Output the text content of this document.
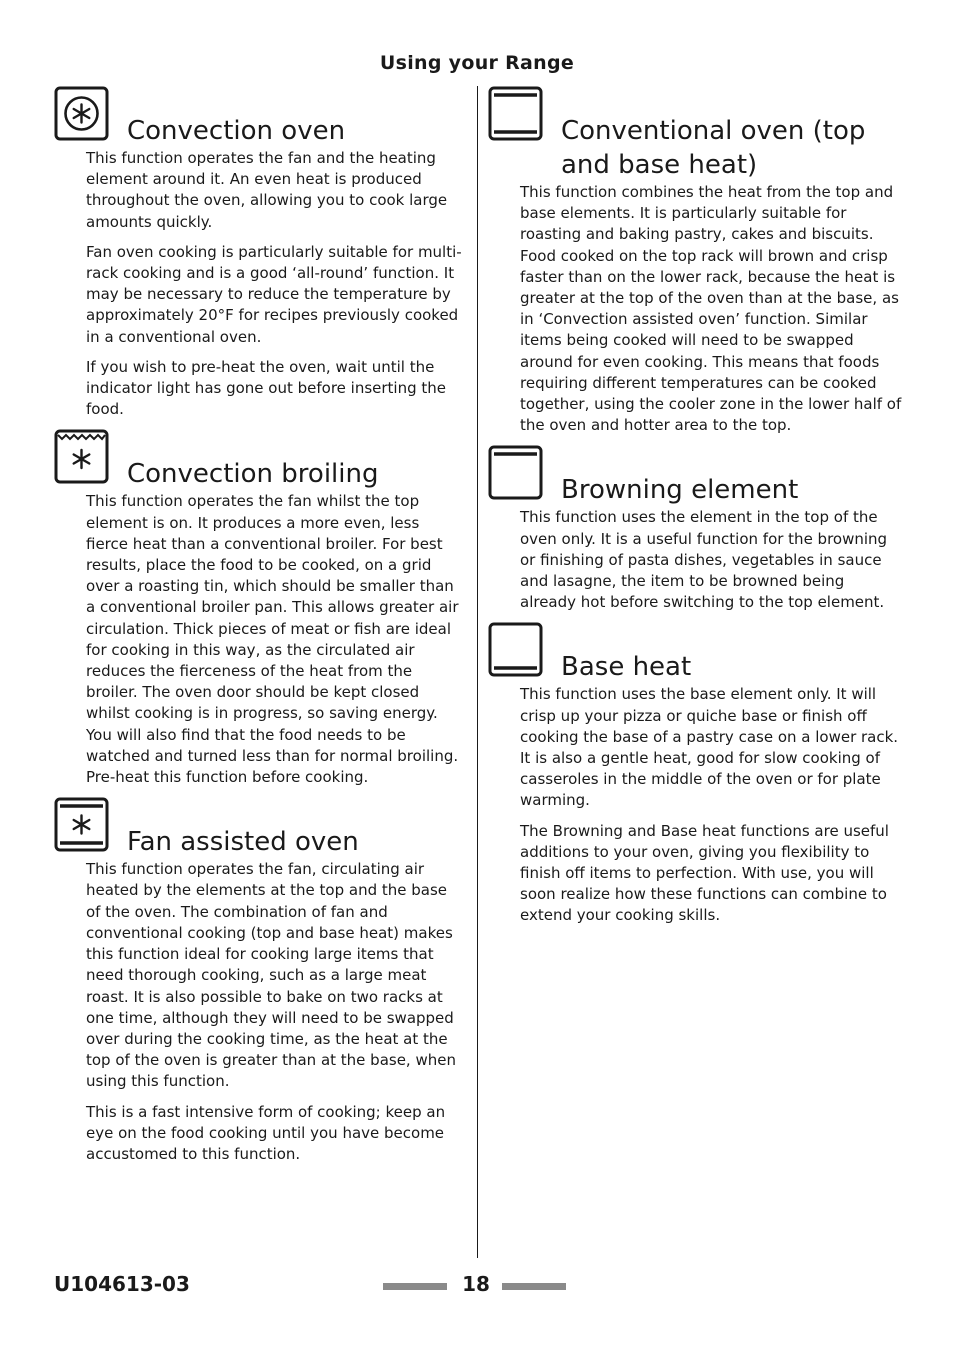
Using your Range
Convection oven

This function operates the fan and the heating element around it. An even heat is produced throughout the oven, allowing you to cook large amounts quickly.

Fan oven cooking is particularly suitable for multi-rack cooking and is a good ‘all-round’ function. It may be necessary to reduce the temperature by approximately 20°F for recipes previously cooked in a conventional oven.

If you wish to pre-heat the oven, wait until the indicator light has gone out before inserting the food.

Convection broiling

This function operates the fan whilst the top element is on. It produces a more even, less fierce heat than a conventional broiler. For best results, place the food to be cooked, on a grid over a roasting tin, which should be smaller than a conventional broiler pan. This allows greater air circulation. Thick pieces of meat or fish are ideal for cooking in this way, as the circulated air reduces the fierceness of the heat from the broiler. The oven door should be kept closed whilst cooking is in progress, so saving energy. You will also find that the food needs to be watched and turned less than for normal broiling. Pre-heat this function before cooking.

Fan assisted oven

This function operates the fan, circulating air heated by the elements at the top and the base of the oven. The combination of fan and conventional cooking (top and base heat) makes this function ideal for cooking large items that need thorough cooking, such as a large meat roast. It is also possible to bake on two racks at one time, although they will need to be swapped over during the cooking time, as the heat at the top of the oven is greater than at the base, when using this function.

This is a fast intensive form of cooking; keep an eye on the food cooking until you have become accustomed to this function.

Conventional oven (top and base heat)

This function combines the heat from the top and base elements. It is particularly suitable for roasting and baking pastry, cakes and biscuits. Food cooked on the top rack will brown and crisp faster than on the lower rack, because the heat is greater at the top of the oven than at the base, as in ‘Convection assisted oven’ function. Similar items being cooked will need to be swapped around for even cooking. This means that foods requiring different temperatures can be cooked together, using the cooler zone in the lower half of the oven and hotter area to the top.

Browning element

This function uses the element in the top of the oven only. It is a useful function for the browning or finishing of pasta dishes, vegetables in sauce and lasagne, the item to be browned being already hot before switching to the top element.

Base heat

This function uses the base element only. It will crisp up your pizza or quiche base or finish off cooking the base of a pastry case on a lower rack. It is also a gentle heat, good for slow cooking of casseroles in the middle of the oven or for plate warming.

The Browning and Base heat functions are useful additions to your oven, giving you flexibility to finish off items to perfection. With use, you will soon realize how these functions can combine to extend your cooking skills.

U104613-03	18
